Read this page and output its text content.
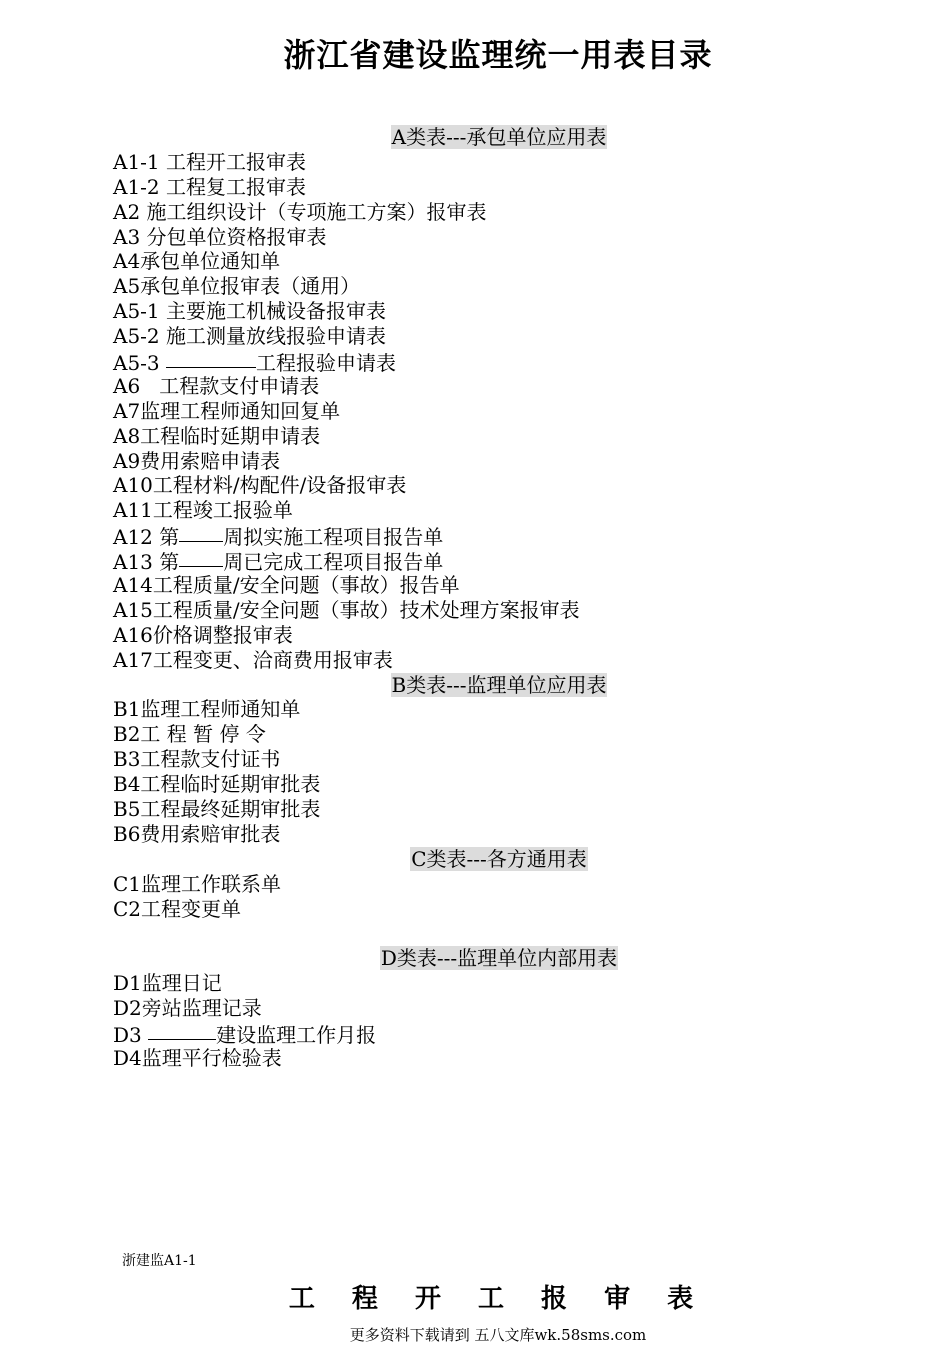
浙江省建设监理统一用表目录
A类表---承包单位应用表
A1-1 工程开工报审表
A1-2 工程复工报审表
A2 施工组织设计（专项施工方案）报审表
A3 分包单位资格报审表
A4承包单位通知单
A5承包单位报审表（通用）
A5-1 主要施工机械设备报审表
A5-2 施工测量放线报验申请表
A5-3	工程报验申请表
A6   工程款支付申请表
A7监理工程师通知回复单
A8工程临时延期申请表
A9费用索赔申请表
A10工程材料/构配件/设备报审表
A11工程竣工报验单
A12 第 周拟实施工程项目报告单
A13 第 周已完成工程项目报告单
A14工程质量/安全问题（事故）报告单
A15工程质量/安全问题（事故）技术处理方案报审表
A16价格调整报审表
A17工程变更、洽商费用报审表
B类表---监理单位应用表
B1监理工程师通知单
B2工 程 暂 停 令
B3工程款支付证书
B4工程临时延期审批表
B5工程最终延期审批表
B6费用索赔审批表
C类表---各方通用表
C1监理工作联系单
C2工程变更单
D类表---监理单位内部用表
D1监理日记
D2旁站监理记录
D3	建设监理工作月报
D4监理平行检验表
浙建监A1-1
工 程 开 工 报 审 表
更多资料下载请到 五八文库wk.58sms.com
